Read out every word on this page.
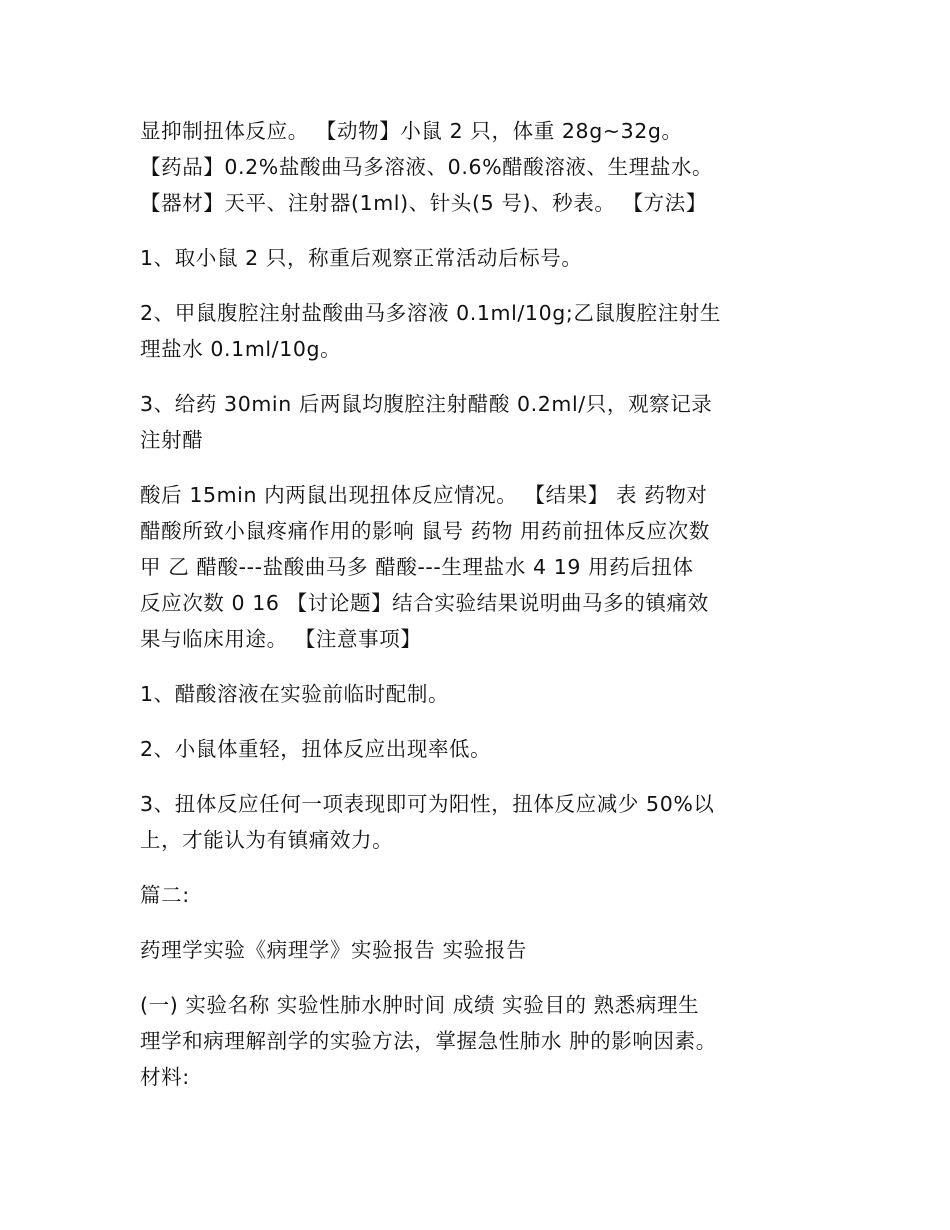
显抑制扭体反应。 【动物】小鼠 2 只，体重 28g~32g。
【药品】0.2%盐酸曲马多溶液、0.6%醋酸溶液、生理盐水。
【器材】天平、注射器(1ml)、针头(5 号)、秒表。 【方法】

1、取小鼠 2 只，称重后观察正常活动后标号。

2、甲鼠腹腔注射盐酸曲马多溶液 0.1ml/10g;乙鼠腹腔注射生
理盐水 0.1ml/10g。

3、给药 30min 后两鼠均腹腔注射醋酸 0.2ml/只，观察记录
注射醋

酸后 15min 内两鼠出现扭体反应情况。 【结果】 表 药物对
醋酸所致小鼠疼痛作用的影响 鼠号 药物 用药前扭体反应次数
甲 乙 醋酸---盐酸曲马多 醋酸---生理盐水 4 19 用药后扭体
反应次数 0 16 【讨论题】结合实验结果说明曲马多的镇痛效
果与临床用途。 【注意事项】

1、醋酸溶液在实验前临时配制。

2、小鼠体重轻，扭体反应出现率低。

3、扭体反应任何一项表现即可为阳性，扭体反应减少 50%以
上，才能认为有镇痛效力。

篇二:

药理学实验《病理学》实验报告 实验报告

(一) 实验名称 实验性肺水肿时间 成绩 实验目的 熟悉病理生
理学和病理解剖学的实验方法，掌握急性肺水 肿的影响因素。
材料:
